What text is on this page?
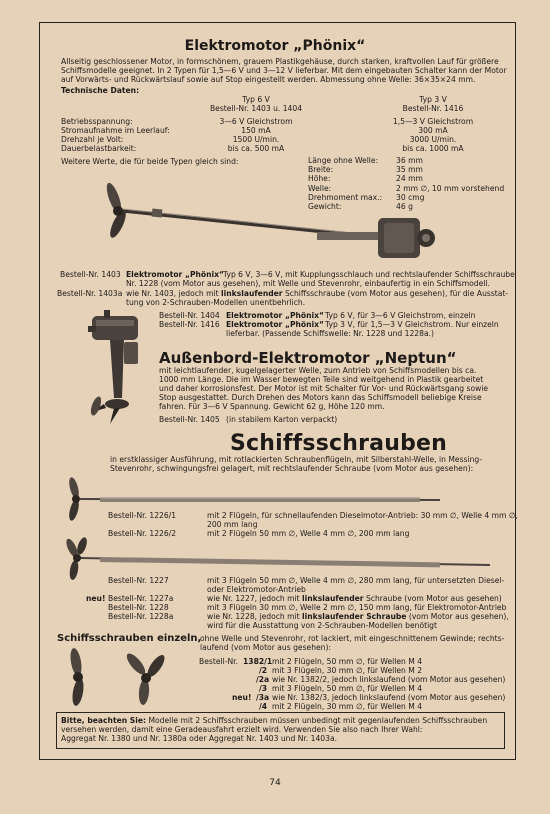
Elektromotor „Phönix“
Allseitig geschlossener Motor, in formschönem, grauem Plastikgehäuse, durch starken, kraftvollen Lauf für größere
Schiffsmodelle geeignet. In 2 Typen für 1,5—6 V und 3—12 V lieferbar. Mit dem eingebauten Schalter kann der Motor
auf Vorwärts- und Rückwärtslauf sowie auf Stop eingestellt werden. Abmessung ohne Welle: 36×35×24 mm.
Technische Daten:
Typ 6 V
Bestell-Nr. 1403 u. 1404
Typ 3 V
Bestell-Nr. 1416
Betriebsspannung:	3—6 V Gleichstrom	1,5—3 V Gleichstrom
Stromaufnahme im Leerlauf:	150 mA	300 mA
Drehzahl je Volt:	1500 U/min.	3000 U/min.
Dauerbelastbarkeit:	bis ca. 500 mA	bis ca. 1000 mA
Weitere Werte, die für beide Typen gleich sind:	Länge ohne Welle: 36 mm
Breite:	35 mm
Höhe:	24 mm
Welle:	2 mm ∅, 10 mm vorstehend
Drehmoment max.: 30 cmg
Gewicht:	46 g
Bestell-Nr. 1403 Elektromotor „Phönix“
Typ 6 V, 3—6 V, mit Kupplungsschlauch und rechtslaufender Schiffsschraube
Nr. 1228 (vom Motor aus gesehen), mit Welle und Stevenrohr, einbaufertig in ein Schiffsmodell.
Bestell-Nr. 1403a wie Nr. 1403, jedoch mit linkslaufender Schiffsschraube (vom Motor aus gesehen), für die Ausstat-
tung von 2-Schrauben-Modellen unentbehrlich.
Bestell-Nr. 1404 Elektromotor „Phönix“ Typ 6 V, für 3—6 V Gleichstrom, einzeln
Bestell-Nr. 1416 Elektromotor „Phönix“ Typ 3 V, für 1,5—3 V Gleichstrom. Nur einzeln
lieferbar. (Passende Schiffswelle: Nr. 1228 und 1228a.)
Außenbord-Elektromotor „Neptun“
mit leichtlaufender, kugelgelagerter Welle, zum Antrieb von Schiffsmodellen bis ca.
1000 mm Länge. Die im Wasser bewegten Teile sind weitgehend in Plastik gearbeitet
und daher korrosionsfest. Der Motor ist mit Schalter für Vor- und Rückwärtsgang sowie
Stop ausgestattet. Durch Drehen des Motors kann das Schiffsmodell beliebige Kreise
fahren. Für 3—6 V Spannung. Gewicht 62 g, Höhe 120 mm.
Bestell-Nr. 1405 (in stabilem Karton verpackt)
Schiffsschrauben
in erstklassiger Ausführung, mit rotlackierten Schraubenflügeln, mit Silberstahl-Welle, in Messing-
Stevenrohr, schwingungsfrei gelagert, mit rechtslaufender Schraube (vom Motor aus gesehen):
Bestell-Nr. 1226/1	mit 2 Flügeln, für schnellaufenden Dieselmotor-Antrieb: 30 mm ∅, Welle 4 mm ∅,
200 mm lang
Bestell-Nr. 1226/2	mit 2 Flügeln 50 mm ∅, Welle 4 mm ∅, 200 mm lang
Bestell-Nr. 1227	mit 3 Flügeln 50 mm ∅, Welle 4 mm ∅, 280 mm lang, für untersetzten Diesel-
oder Elektromotor-Antrieb
neu! Bestell-Nr. 1227a	wie Nr. 1227, jedoch mit linkslaufender Schraube (vom Motor aus gesehen)
Bestell-Nr. 1228	mit 3 Flügeln 30 mm ∅, Welle 2 mm ∅, 150 mm lang, für Elektromotor-Antrieb
Bestell-Nr. 1228a	wie Nr. 1228, jedoch mit linkslaufender Schraube (vom Motor aus gesehen),
wird für die Ausstattung von 2-Schrauben-Modellen benötigt
Schiffsschrauben einzeln,
ohne Welle und Stevenrohr, rot lackiert, mit eingeschnittenem Gewinde; rechts-
laufend (vom Motor aus gesehen):
Bestell-Nr. 1382/1 mit 2 Flügeln, 50 mm ∅, für Wellen M 4
/2 mit 3 Flügeln, 30 mm ∅, für Wellen M 2
/2a wie Nr. 1382/2, jedoch linkslaufend (vom Motor aus gesehen)
/3 mit 3 Flügeln, 50 mm ∅, für Wellen M 4
neu! /3a wie Nr. 1382/3, jedoch linkslaufend (vom Motor aus gesehen)
/4 mit 2 Flügeln, 30 mm ∅, für Wellen M 4
Bitte, beachten Sie: Modelle mit 2 Schiffsschrauben müssen unbedingt mit gegenlaufenden Schiffsschrauben
versehen werden, damit eine Geradeausfahrt erzielt wird. Verwenden Sie also nach Ihrer Wahl:
Aggregat Nr. 1380 und Nr. 1380a oder Aggregat Nr. 1403 und Nr. 1403a.
74
